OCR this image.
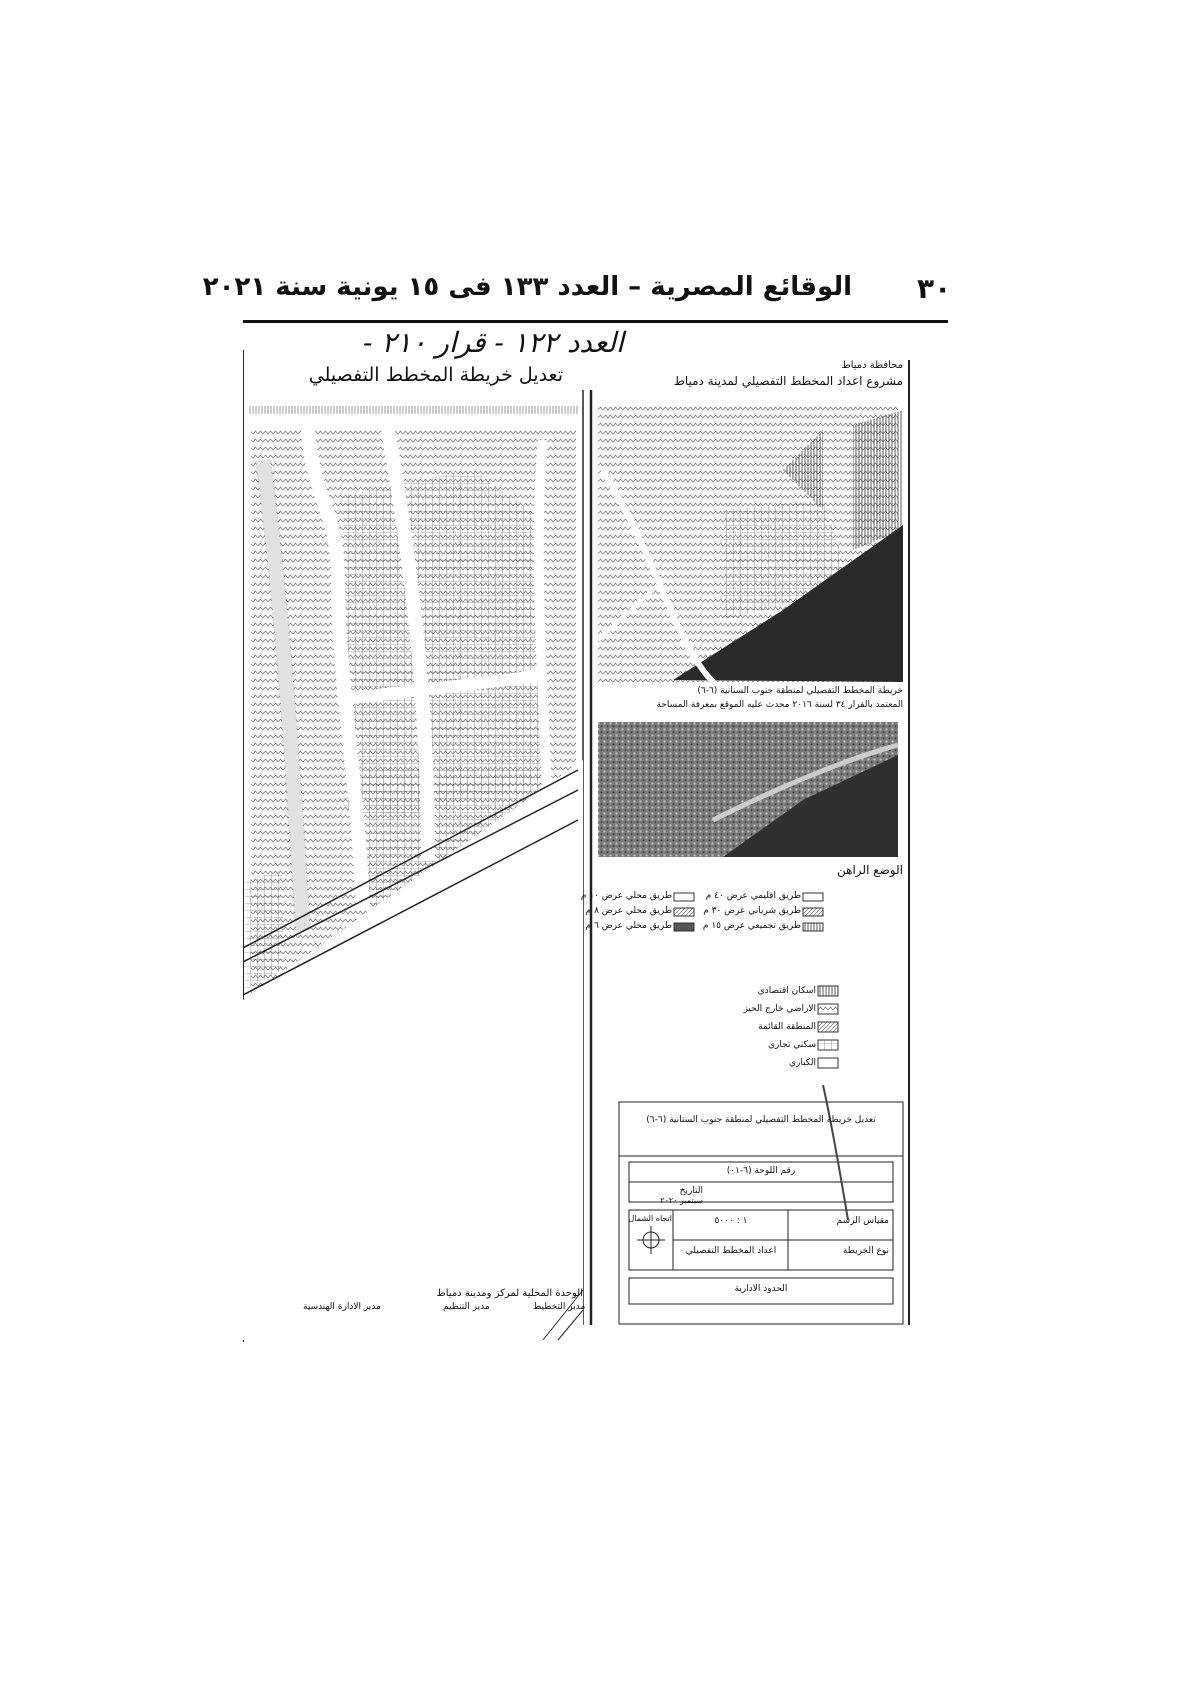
٣٠
الوقائع المصرية – العدد ١٣٣ فى ١٥ يونية سنة ٢٠٢١
العدد ١٢٢ - قرار ٢١٠ -
تعديل خريطة المخطط التفصيلي
الوحدة المحلية لمركز ومدينة دمياط
مدير التخطيط
مدير التنظيم
مدير الادارة الهندسية
محافظة دمياط
مشروع اعداد المخطط التفصيلي لمدينة دمياط
خريطة المخطط التفصيلي لمنطقة جنوب السنانية (٦-٦)
المعتمد بالقرار ٣٤ لسنة ٢٠١٦ محدث عليه الموقع بمعرفة المساحة
الوضع الراهن
طريق اقليمي عرض ٤٠ م
طريق شرياني عرض ٣٠ م
طريق تجميعي عرض ١٥ م
طريق محلي عرض ١٠ م
طريق محلي عرض ٨ م
طريق محلي عرض ٦ م
اسكان اقتصادي
الاراضي خارج الحيز
المنطقة القائمة
سكني تجاري
الكباري
تعديل خريطة المخطط التفصيلي لمنطقة جنوب السنانية (٦-٦)
رقم اللوحة (٦-٠١)
مقياس الرسم
١ : ٥٠٠٠
نوع الخريطة
اعداد المخطط التفصيلي
التاريخ
سبتمبر ٢٠٢٠
اتجاه الشمال
الحدود الادارية
